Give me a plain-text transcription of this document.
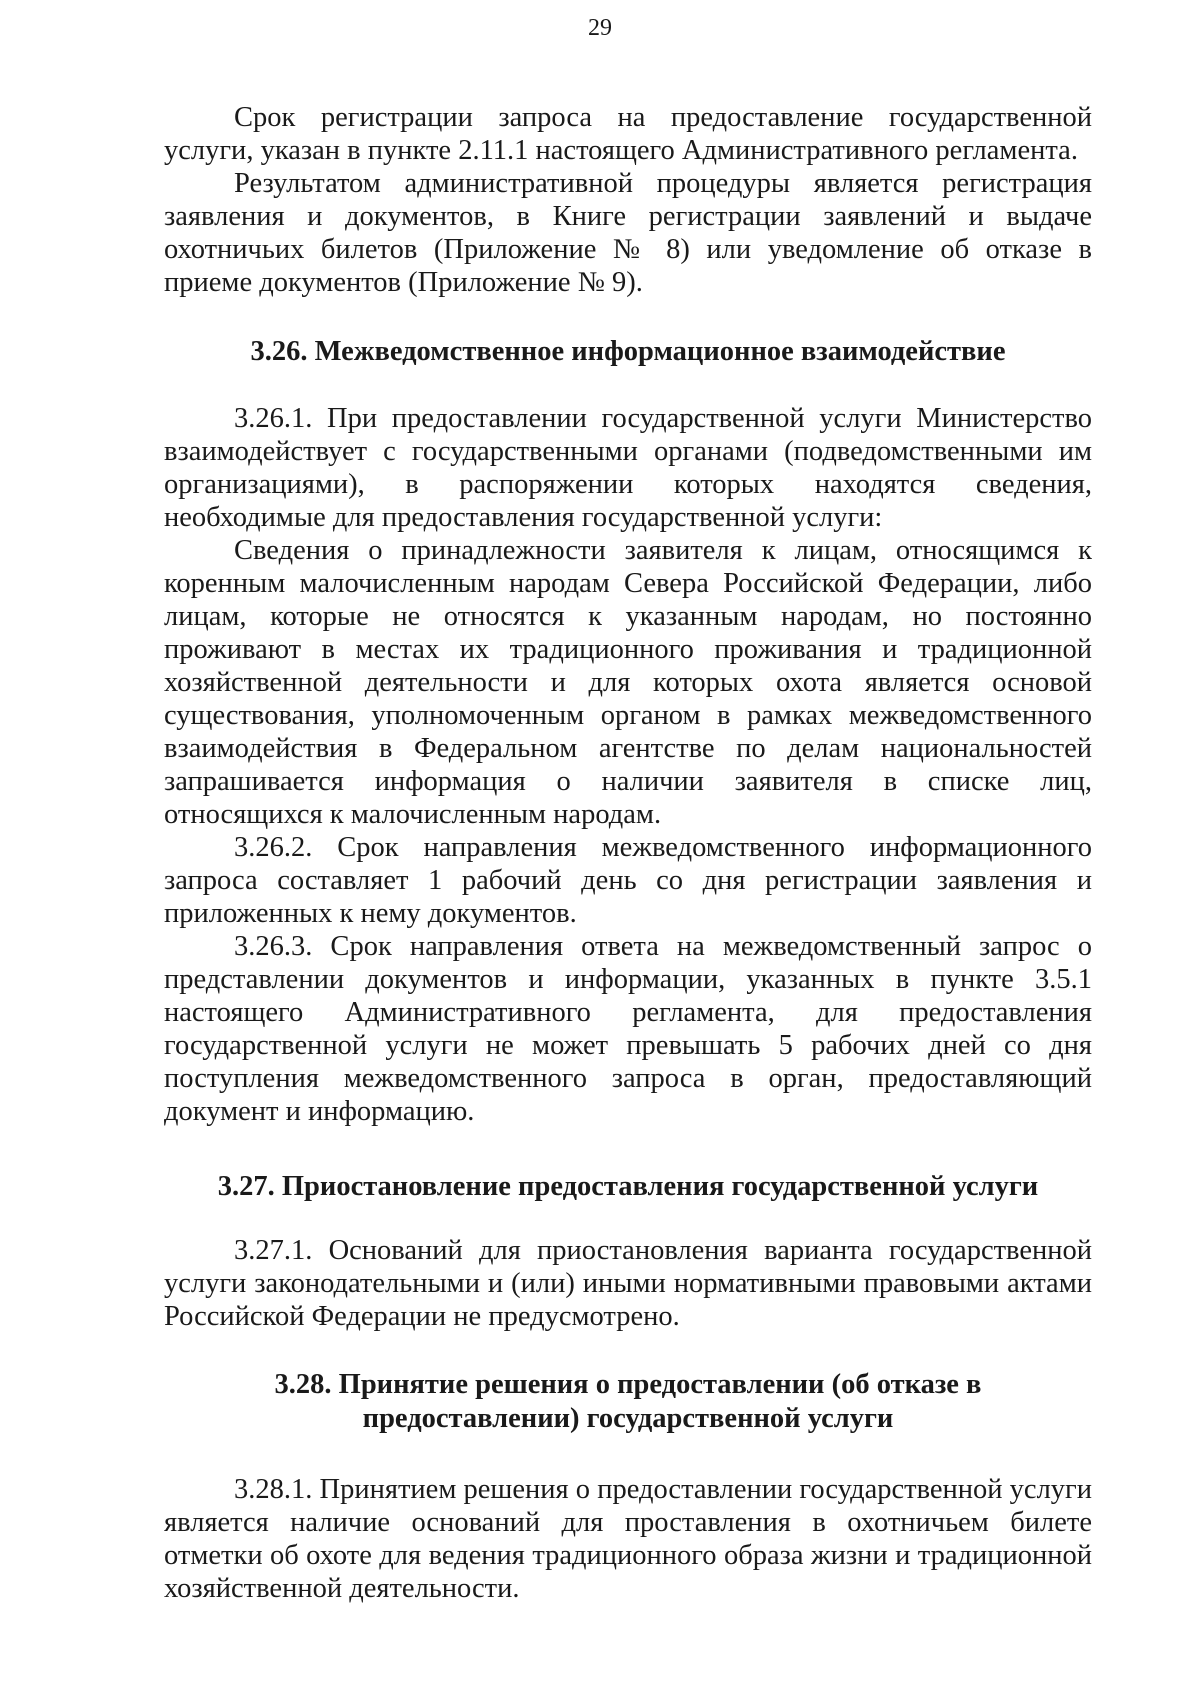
29

Срок регистрации запроса на предоставление государственной услуги, указан в пункте 2.11.1 настоящего Административного регламента.

Результатом административной процедуры является регистрация заявления и документов, в Книге регистрации заявлений и выдаче охотничьих билетов (Приложение № 8) или уведомление об отказе в приеме документов (Приложение № 9).

3.26. Межведомственное информационное взаимодействие

3.26.1. При предоставлении государственной услуги Министерство взаимодействует с государственными органами (подведомственными им организациями), в распоряжении которых находятся сведения, необходимые для предоставления государственной услуги:

Сведения о принадлежности заявителя к лицам, относящимся к коренным малочисленным народам Севера Российской Федерации, либо лицам, которые не относятся к указанным народам, но постоянно проживают в местах их традиционного проживания и традиционной хозяйственной деятельности и для которых охота является основой существования, уполномоченным органом в рамках межведомственного взаимодействия в Федеральном агентстве по делам национальностей запрашивается информация о наличии заявителя в списке лиц, относящихся к малочисленным народам.

3.26.2. Срок направления межведомственного информационного запроса составляет 1 рабочий день со дня регистрации заявления и приложенных к нему документов.

3.26.3. Срок направления ответа на межведомственный запрос о представлении документов и информации, указанных в пункте 3.5.1 настоящего Административного регламента, для предоставления государственной услуги не может превышать 5 рабочих дней со дня поступления межведомственного запроса в орган, предоставляющий документ и информацию.

3.27. Приостановление предоставления государственной услуги

3.27.1. Оснований для приостановления варианта государственной услуги законодательными и (или) иными нормативными правовыми актами Российской Федерации не предусмотрено.

3.28. Принятие решения о предоставлении (об отказе в
предоставлении) государственной услуги

3.28.1. Принятием решения о предоставлении государственной услуги является наличие оснований для проставления в охотничьем билете отметки об охоте для ведения традиционного образа жизни и традиционной хозяйственной деятельности.
